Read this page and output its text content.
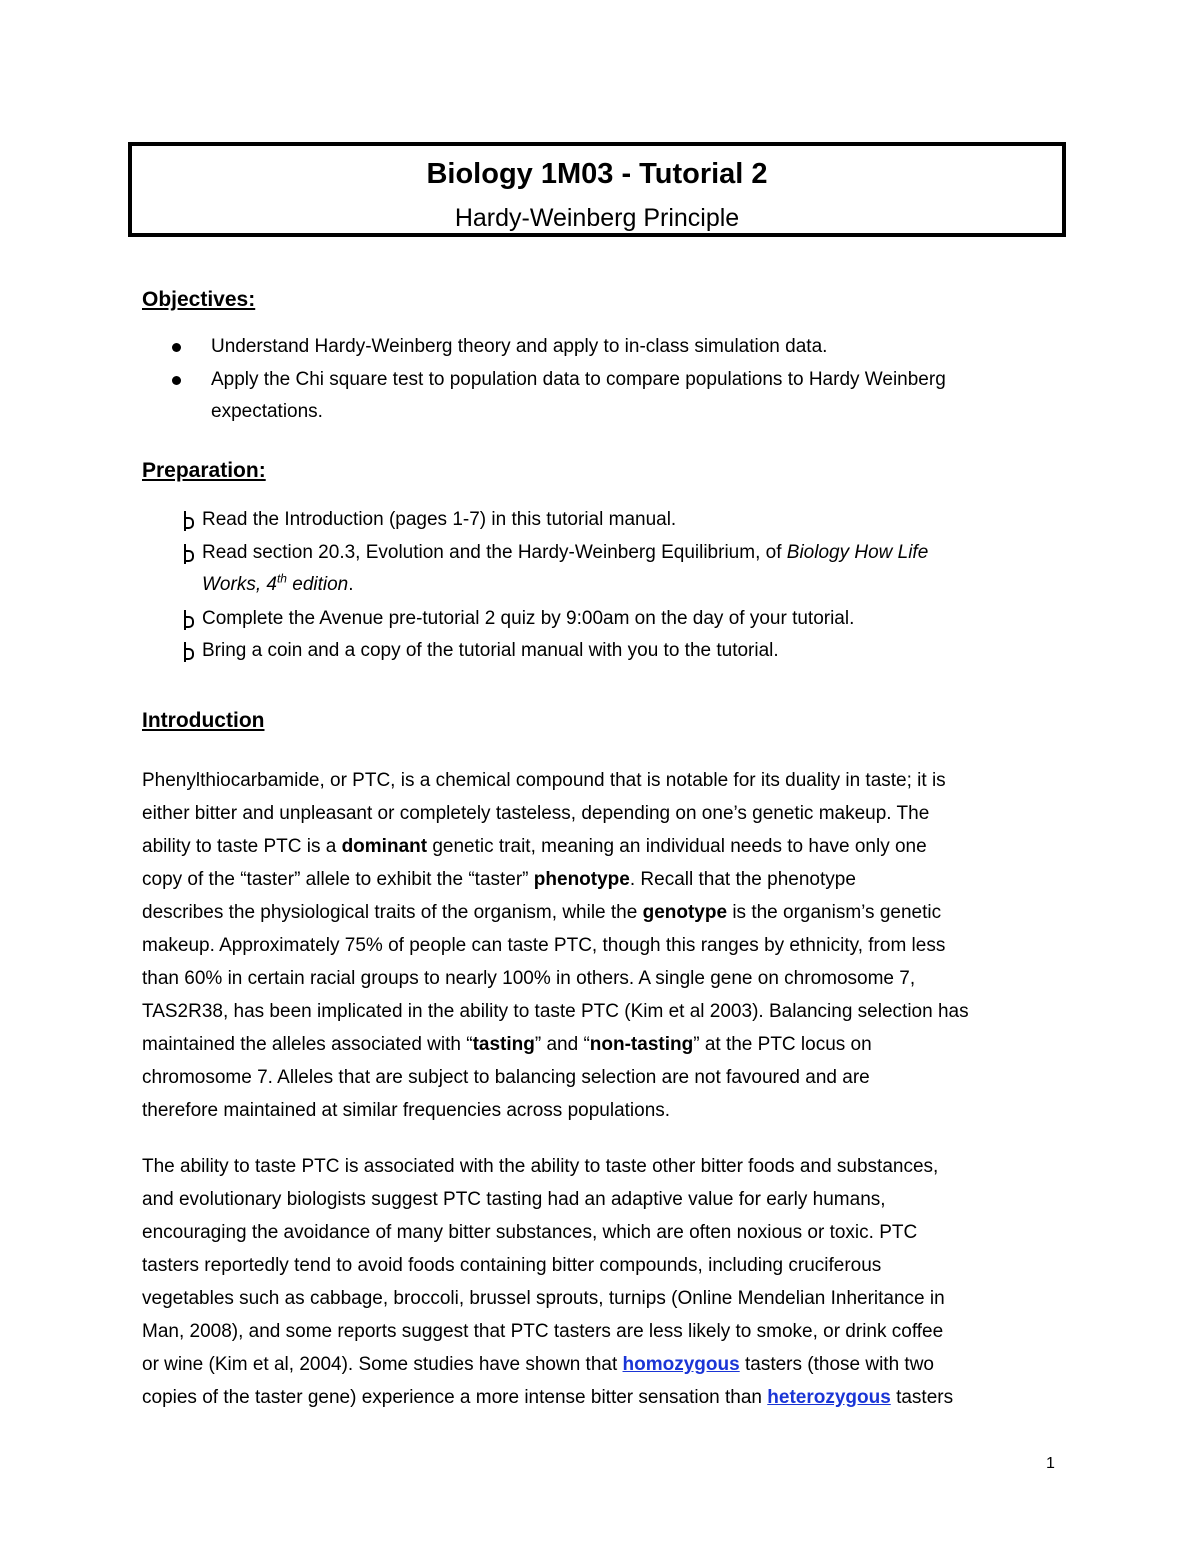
Biology 1M03 - Tutorial 2
Hardy-Weinberg Principle
Objectives:
Understand Hardy-Weinberg theory and apply to in-class simulation data.
Apply the Chi square test to population data to compare populations to Hardy Weinberg
expectations.
Preparation:
Read the Introduction (pages 1-7) in this tutorial manual.
Read section 20.3, Evolution and the Hardy-Weinberg Equilibrium, of Biology How Life
Works, 4th edition.
Complete the Avenue pre-tutorial 2 quiz by 9:00am on the day of your tutorial.
Bring a coin and a copy of the tutorial manual with you to the tutorial.
Introduction
Phenylthiocarbamide, or PTC, is a chemical compound that is notable for its duality in taste; it is
either bitter and unpleasant or completely tasteless, depending on one’s genetic makeup. The
ability to taste PTC is a dominant genetic trait, meaning an individual needs to have only one
copy of the “taster” allele to exhibit the “taster” phenotype. Recall that the phenotype
describes the physiological traits of the organism, while the genotype is the organism’s genetic
makeup. Approximately 75% of people can taste PTC, though this ranges by ethnicity, from less
than 60% in certain racial groups to nearly 100% in others. A single gene on chromosome 7,
TAS2R38, has been implicated in the ability to taste PTC (Kim et al 2003). Balancing selection has
maintained the alleles associated with “tasting” and “non-tasting” at the PTC locus on
chromosome 7. Alleles that are subject to balancing selection are not favoured and are
therefore maintained at similar frequencies across populations.
The ability to taste PTC is associated with the ability to taste other bitter foods and substances,
and evolutionary biologists suggest PTC tasting had an adaptive value for early humans,
encouraging the avoidance of many bitter substances, which are often noxious or toxic. PTC
tasters reportedly tend to avoid foods containing bitter compounds, including cruciferous
vegetables such as cabbage, broccoli, brussel sprouts, turnips (Online Mendelian Inheritance in
Man, 2008), and some reports suggest that PTC tasters are less likely to smoke, or drink coffee
or wine (Kim et al, 2004). Some studies have shown that homozygous tasters (those with two
copies of the taster gene) experience a more intense bitter sensation than heterozygous tasters
1
